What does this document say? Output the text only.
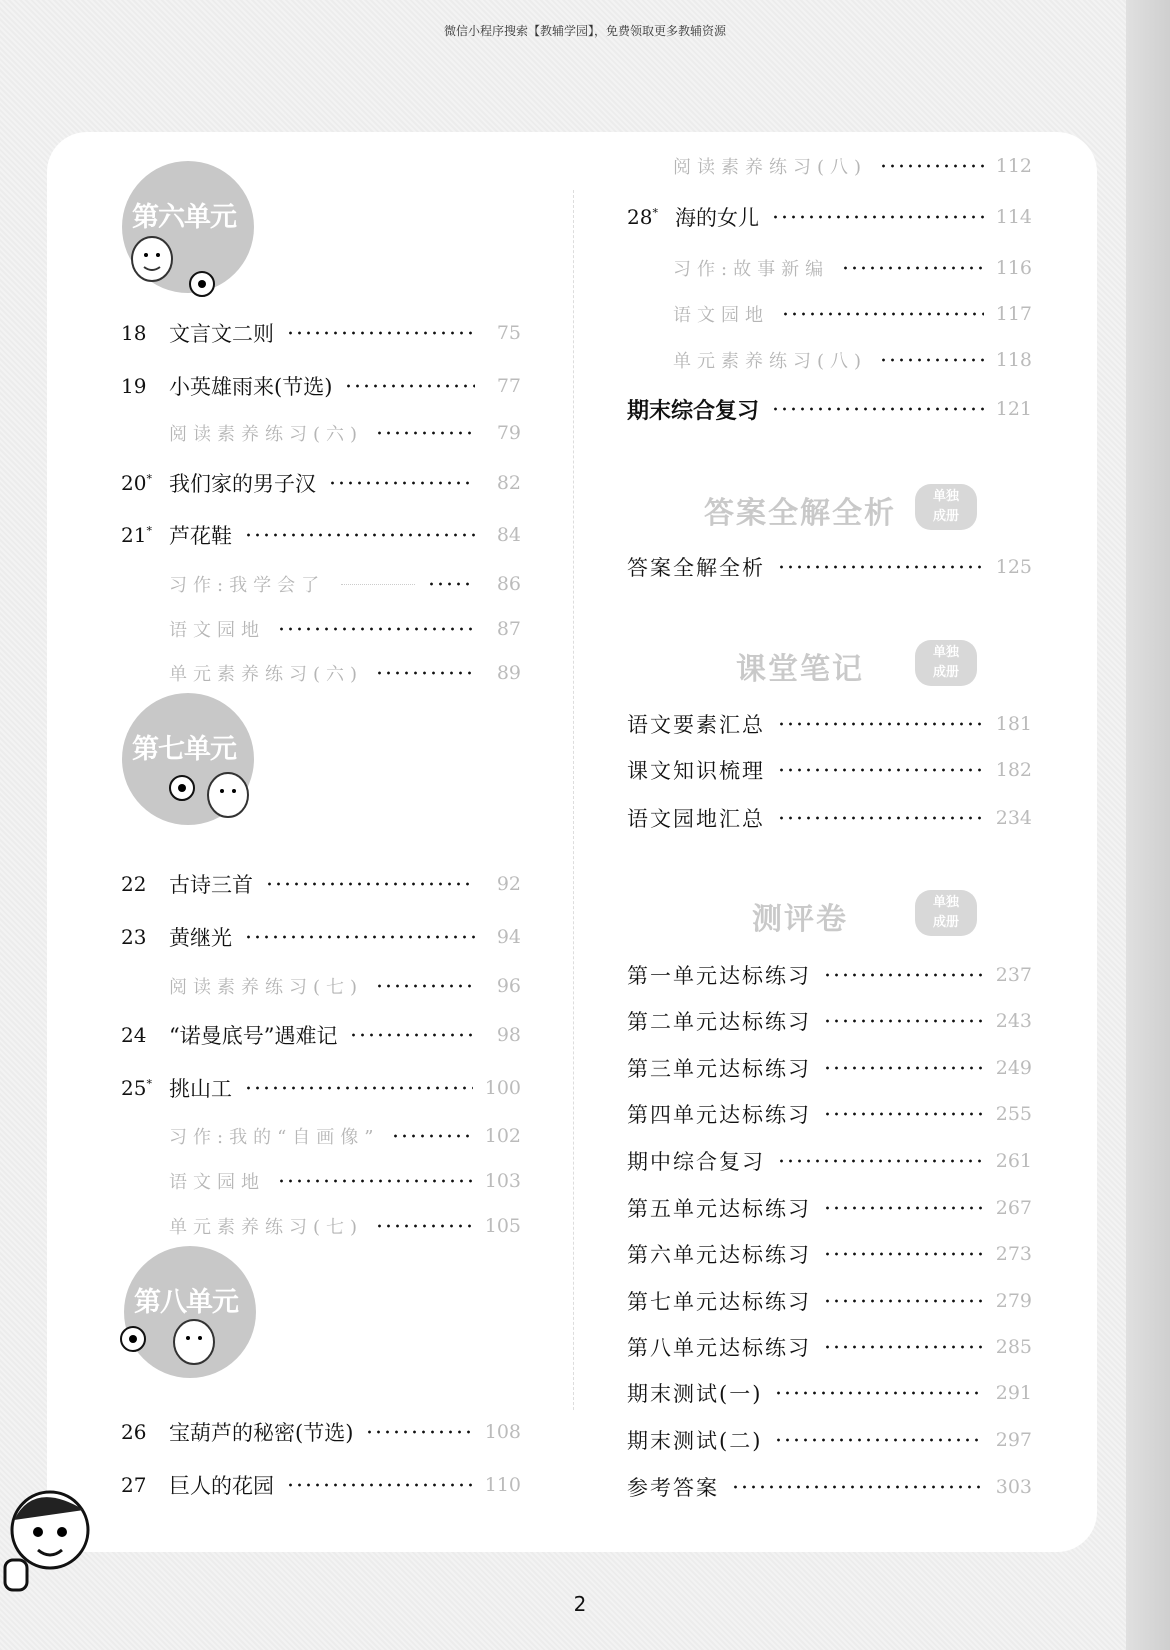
微信小程序搜索【教辅学园】，免费领取更多教辅资源
第六单元
第七单元
第八单元
答案全解全析	单独
成册
课堂笔记	单独
成册
测评卷	单独
成册
18	文言文二则	75
19	小英雄雨来(节选)	77
阅读素养练习(六)	79
20* 我们家的男子汉	82
21* 芦花鞋	84
习作:我学会了	86
语文园地	87
单元素养练习(六)	89
22	古诗三首	92
23	黄继光	94
阅读素养练习(七)	96
24	“诺曼底号”遇难记	98
25* 挑山工	100
习作:我的“自画像”	102
语文园地	103
单元素养练习(七)	105
26	宝葫芦的秘密(节选)	108
27	巨人的花园	110
阅读素养练习(八)	112
28* 海的女儿	114
习作:故事新编	116
语文园地	117
单元素养练习(八)	118
期末综合复习	121
答案全解全析	125
语文要素汇总	181
课文知识梳理	182
语文园地汇总	234
第一单元达标练习	237
第二单元达标练习	243
第三单元达标练习	249
第四单元达标练习	255
期中综合复习	261
第五单元达标练习	267
第六单元达标练习	273
第七单元达标练习	279
第八单元达标练习	285
期末测试(一)	291
期末测试(二)	297
参考答案	303
2
